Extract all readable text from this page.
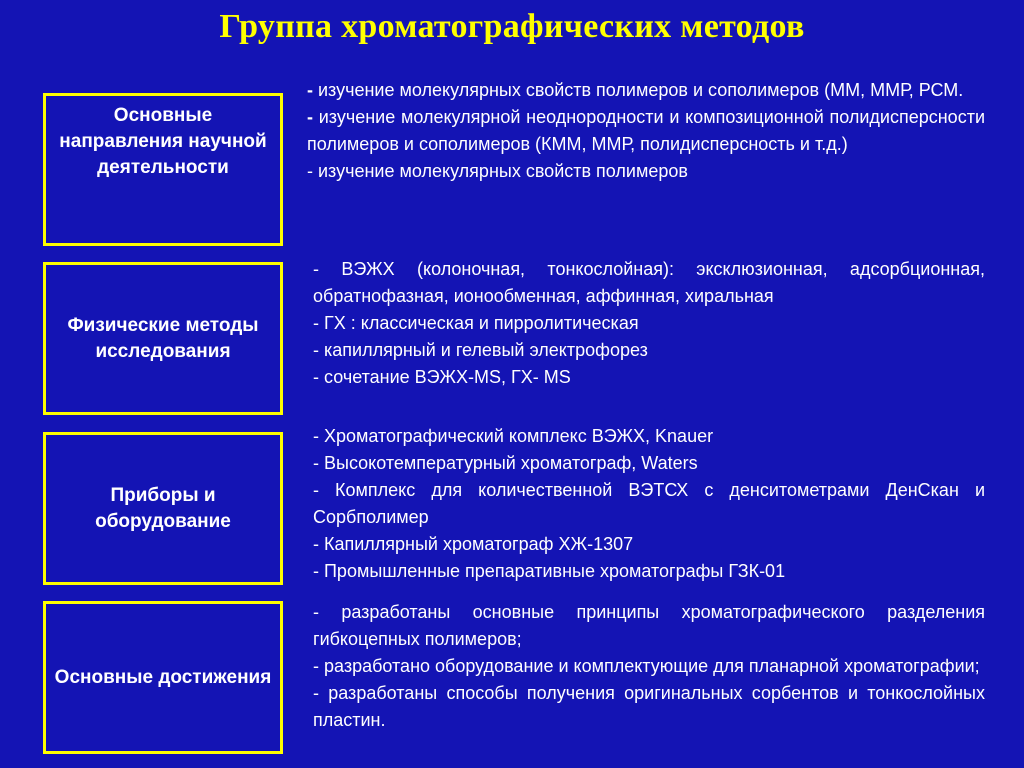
Группа хроматографических методов
Основные направления научной деятельности
- изучение молекулярных свойств полимеров и сополимеров (ММ, ММР, РСМ.
- изучение молекулярной неоднородности и композиционной полидисперсности полимеров и сополимеров (КММ, ММР, полидисперсность и т.д.)
- изучение молекулярных свойств полимеров
Физические методы исследования
- ВЭЖХ (колоночная, тонкослойная): эксклюзионная, адсорбционная, обратнофазная, ионообменная, аффинная, хиральная
- ГХ : классическая и пирролитическая
- капиллярный и гелевый электрофорез
- сочетание ВЭЖХ-MS, ГХ- MS
Приборы и оборудование
- Хроматографический комплекс ВЭЖХ, Knauer
- Высокотемпературный хроматограф, Waters
- Комплекс для количественной ВЭТСХ с денситометрами ДенСкан и Сорбполимер
- Капиллярный хроматограф ХЖ-1307
- Промышленные препаративные хроматографы ГЗК-01
Основные достижения
- разработаны основные принципы хроматографического разделения гибкоцепных полимеров;
- разработано оборудование и комплектующие для планарной хроматографии;
- разработаны способы получения оригинальных сорбентов и тонкослойных пластин.
